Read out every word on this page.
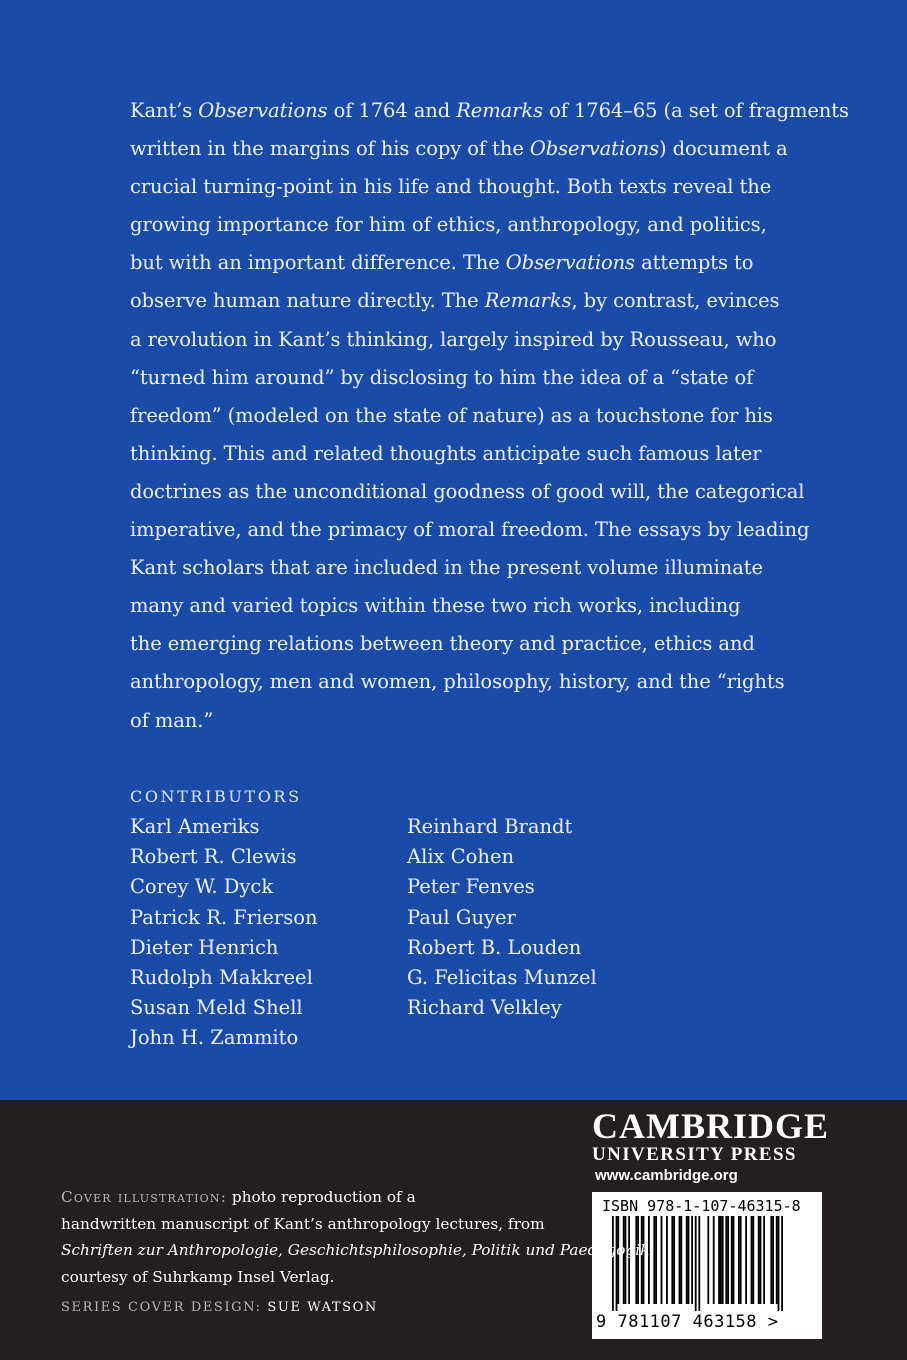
Kant’s Observations of 1764 and Remarks of 1764–65 (a set of fragments
written in the margins of his copy of the Observations) document a
crucial turning-point in his life and thought. Both texts reveal the
growing importance for him of ethics, anthropology, and politics,
but with an important difference. The Observations attempts to
observe human nature directly. The Remarks, by contrast, evinces
a revolution in Kant’s thinking, largely inspired by Rousseau, who
“turned him around” by disclosing to him the idea of a “state of
freedom” (modeled on the state of nature) as a touchstone for his
thinking. This and related thoughts anticipate such famous later
doctrines as the unconditional goodness of good will, the categorical
imperative, and the primacy of moral freedom. The essays by leading
Kant scholars that are included in the present volume illuminate
many and varied topics within these two rich works, including
the emerging relations between theory and practice, ethics and
anthropology, men and women, philosophy, history, and the “rights
of man.”
CONTRIBUTORS
Karl Ameriks
Robert R. Clewis
Corey W. Dyck
Patrick R. Frierson
Dieter Henrich
Rudolph Makkreel
Susan Meld Shell
John H. Zammito
Reinhard Brandt
Alix Cohen
Peter Fenves
Paul Guyer
Robert B. Louden
G. Felicitas Munzel
Richard Velkley
CAMBRIDGE
UNIVERSITY PRESS
www.cambridge.org
ISBN 978-1-107-46315-8
9 781107 463158 >
Cover illustration: photo reproduction of a
handwritten manuscript of Kant’s anthropology lectures, from
Schriften zur Anthropologie, Geschichtsphilosophie, Politik und Paedagogik,
courtesy of Suhrkamp Insel Verlag.
SERIES COVER DESIGN: SUE WATSON
